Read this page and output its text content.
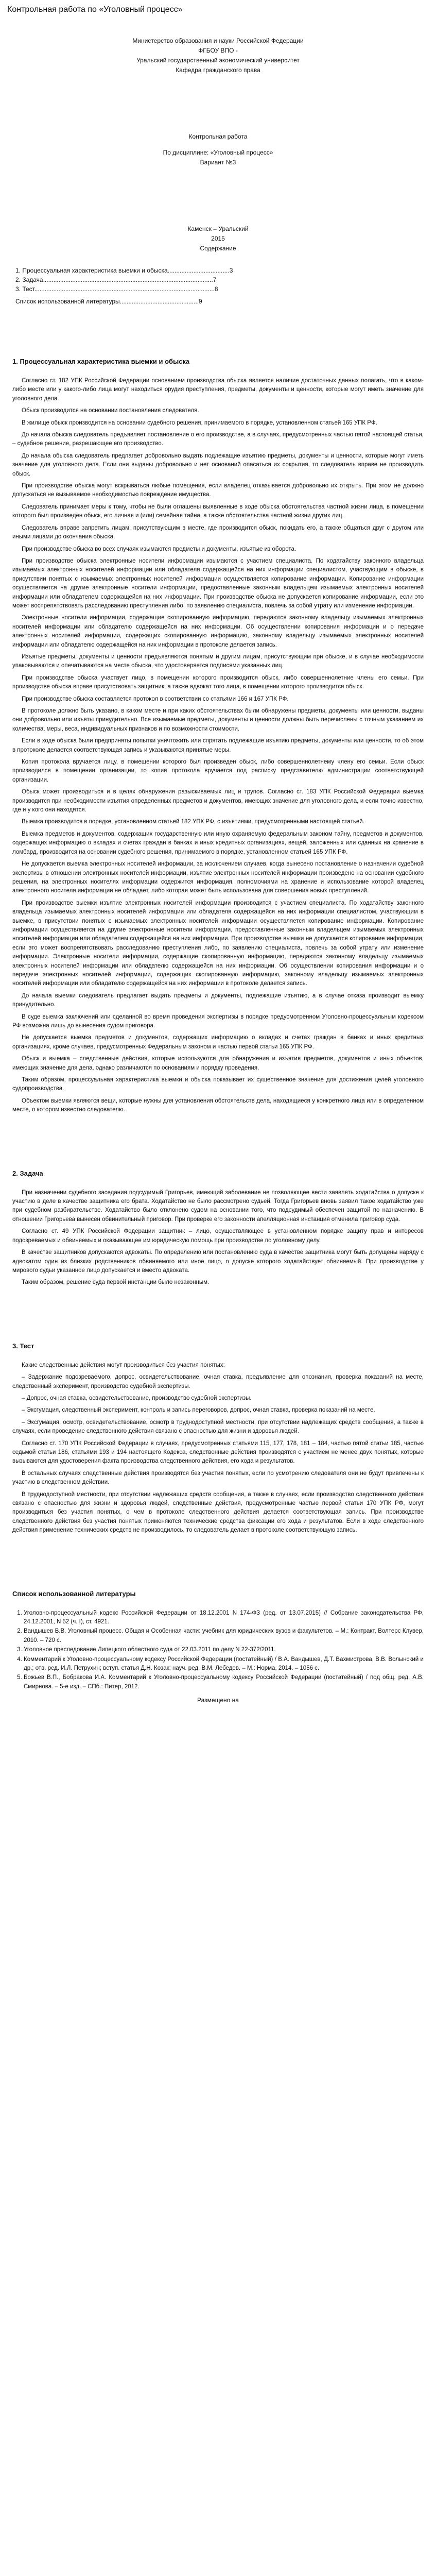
Контрольная работа по «Уголовный процесс»
Министерство образования и науки Российской Федерации
ФГБОУ ВПО -
Уральский государственный экономический университет
Кафедра гражданского права
Контрольная работа
По дисциплине: «Уголовный процесс»
Вариант №3
Каменск – Уральский
2015
Содержание

1. Процессуальная характеристика выемки и обыска....................................3

2. Задача...................................................................................................7

3. Тест.........................................................................................................8

Список использованной литературы..............................................9

1. Процессуальная характеристика выемки и обыска

Согласно ст. 182 УПК Российской Федерации основанием производства обыска является наличие достаточных данных полагать, что в каком-либо месте или у какого-либо лица могут находиться орудия преступления, предметы, документы и ценности, которые могут иметь значение для уголовного дела.

Обыск производится на основании постановления следователя.

В жилище обыск производится на основании судебного решения, принимаемого в порядке, установленном статьей 165 УПК РФ.

До начала обыска следователь предъявляет постановление о его производстве, а в случаях, предусмотренных частью пятой настоящей статьи, – судебное решение, разрешающее его производство.

До начала обыска следователь предлагает добровольно выдать подлежащие изъятию предметы, документы и ценности, которые могут иметь значение для уголовного дела. Если они выданы добровольно и нет оснований опасаться их сокрытия, то следователь вправе не производить обыск.

При производстве обыска могут вскрываться любые помещения, если владелец отказывается добровольно их открыть. При этом не должно допускаться не вызываемое необходимостью повреждение имущества.

Следователь принимает меры к тому, чтобы не были оглашены выявленные в ходе обыска обстоятельства частной жизни лица, в помещении которого был произведен обыск, его личная и (или) семейная тайна, а также обстоятельства частной жизни других лиц.

Следователь вправе запретить лицам, присутствующим в месте, где производится обыск, покидать его, а также общаться друг с другом или иными лицами до окончания обыска.

При производстве обыска во всех случаях изымаются предметы и документы, изъятые из оборота.

При производстве обыска электронные носители информации изымаются с участием специалиста. По ходатайству законного владельца изымаемых электронных носителей информации или обладателя содержащейся на них информации специалистом, участвующим в обыске, в присутствии понятых с изымаемых электронных носителей информации осуществляется копирование информации. Копирование информации осуществляется на другие электронные носители информации, предоставленные законным владельцем изымаемых электронных носителей информации или обладателем содержащейся на них информации. При производстве обыска не допускается копирование информации, если это может воспрепятствовать расследованию преступления либо, по заявлению специалиста, повлечь за собой утрату или изменение информации.

Электронные носители информации, содержащие скопированную информацию, передаются законному владельцу изымаемых электронных носителей информации или обладателю содержащейся на них информации. Об осуществлении копирования информации и о передаче электронных носителей информации, содержащих скопированную информацию, законному владельцу изымаемых электронных носителей информации или обладателю содержащейся на них информации в протоколе делается запись.

Изъятые предметы, документы и ценности предъявляются понятым и другим лицам, присутствующим при обыске, и в случае необходимости упаковываются и опечатываются на месте обыска, что удостоверяется подписями указанных лиц.

При производстве обыска участвует лицо, в помещении которого производится обыск, либо совершеннолетние члены его семьи. При производстве обыска вправе присутствовать защитник, а также адвокат того лица, в помещении которого производится обыск.

При производстве обыска составляется протокол в соответствии со статьями 166 и 167 УПК РФ.

В протоколе должно быть указано, в каком месте и при каких обстоятельствах были обнаружены предметы, документы или ценности, выданы они добровольно или изъяты принудительно. Все изымаемые предметы, документы и ценности должны быть перечислены с точным указанием их количества, меры, веса, индивидуальных признаков и по возможности стоимости.

Если в ходе обыска были предприняты попытки уничтожить или спрятать подлежащие изъятию предметы, документы или ценности, то об этом в протоколе делается соответствующая запись и указываются принятые меры.

Копия протокола вручается лицу, в помещении которого был произведен обыск, либо совершеннолетнему члену его семьи. Если обыск производился в помещении организации, то копия протокола вручается под расписку представителю администрации соответствующей организации.

Обыск может производиться и в целях обнаружения разыскиваемых лиц и трупов. Согласно ст. 183 УПК Российской Федерации выемка производится при необходимости изъятия определенных предметов и документов, имеющих значение для уголовного дела, и если точно известно, где и у кого они находятся.

Выемка производится в порядке, установленном статьей 182 УПК РФ, с изъятиями, предусмотренными настоящей статьей.

Выемка предметов и документов, содержащих государственную или иную охраняемую федеральным законом тайну, предметов и документов, содержащих информацию о вкладах и счетах граждан в банках и иных кредитных организациях, вещей, заложенных или сданных на хранение в ломбард, производится на основании судебного решения, принимаемого в порядке, установленном статьей 165 УПК РФ.

Не допускается выемка электронных носителей информации, за исключением случаев, когда вынесено постановление о назначении судебной экспертизы в отношении электронных носителей информации, изъятие электронных носителей информации произведено на основании судебного решения, на электронных носителях информации содержится информация, полномочиями на хранение и использование которой владелец электронного носителя информации не обладает, либо которая может быть использована для совершения новых преступлений.

При производстве выемки изъятие электронных носителей информации производится с участием специалиста. По ходатайству законного владельца изымаемых электронных носителей информации или обладателя содержащейся на них информации специалистом, участвующим в выемке, в присутствии понятых с изымаемых электронных носителей информации осуществляется копирование информации. Копирование информации осуществляется на другие электронные носители информации, предоставленные законным владельцем изымаемых электронных носителей информации или обладателем содержащейся на них информации. При производстве выемки не допускается копирование информации, если это может воспрепятствовать расследованию преступления либо, по заявлению специалиста, повлечь за собой утрату или изменение информации. Электронные носители информации, содержащие скопированную информацию, передаются законному владельцу изымаемых электронных носителей информации или обладателю содержащейся на них информации. Об осуществлении копирования информации и о передаче электронных носителей информации, содержащих скопированную информацию, законному владельцу изымаемых электронных носителей информации или обладателю содержащейся на них информации в протоколе делается запись.

До начала выемки следователь предлагает выдать предметы и документы, подлежащие изъятию, а в случае отказа производит выемку принудительно.

В суде выемка заключений или сделанной во время проведения экспертизы в порядке предусмотренном Уголовно-процессуальным кодексом РФ возможна лишь до вынесения судом приговора.

Не допускается выемка предметов и документов, содержащих информацию о вкладах и счетах граждан в банках и иных кредитных организациях, кроме случаев, предусмотренных Федеральным законом и частью первой статьи 165 УПК РФ.

Обыск и выемка – следственные действия, которые используются для обнаружения и изъятия предметов, документов и иных объектов, имеющих значение для дела, однако различаются по основаниям и порядку проведения.

Таким образом, процессуальная характеристика выемки и обыска показывает их существенное значение для достижения целей уголовного судопроизводства.

Объектом выемки являются вещи, которые нужны для установления обстоятельств дела, находящиеся у конкретного лица или в определенном месте, о котором известно следователю.

2. Задача

При назначении судебного заседания подсудимый Григорьев, имеющий заболевание не позволяющее вести заявлять ходатайства о допуске к участию в деле в качестве защитника его брата. Ходатайство не было рассмотрено судьей. Тогда Григорьев вновь заявил такое ходатайство уже при судебном разбирательстве. Ходатайство было отклонено судом на основании того, что подсудимый обеспечен защитой по назначению. В отношении Григорьева вынесен обвинительный приговор. При проверке его законности апелляционная инстанция отменила приговор суда.

Согласно ст. 49 УПК Российской Федерации защитник – лицо, осуществляющее в установленном порядке защиту прав и интересов подозреваемых и обвиняемых и оказывающее им юридическую помощь при производстве по уголовному делу.

В качестве защитников допускаются адвокаты. По определению или постановлению суда в качестве защитника могут быть допущены наряду с адвокатом один из близких родственников обвиняемого или иное лицо, о допуске которого ходатайствует обвиняемый. При производстве у мирового судьи указанное лицо допускается и вместо адвоката.

Таким образом, решение суда первой инстанции было незаконным.

3. Тест

Какие следственные действия могут производиться без участия понятых:

– Задержание подозреваемого, допрос, освидетельствование, очная ставка, предъявление для опознания, проверка показаний на месте, следственный эксперимент, производство судебной экспертизы.

– Допрос, очная ставка, освидетельствование, производство судебной экспертизы.

– Эксгумация, следственный эксперимент, контроль и запись переговоров, допрос, очная ставка, проверка показаний на месте.

– Эксгумация, осмотр, освидетельствование, осмотр в труднодоступной местности, при отсутствии надлежащих средств сообщения, а также в случаях, если проведение следственного действия связано с опасностью для жизни и здоровья людей.

Согласно ст. 170 УПК Российской Федерации в случаях, предусмотренных статьями 115, 177, 178, 181 – 184, частью пятой статьи 185, частью седьмой статьи 186, статьями 193 и 194 настоящего Кодекса, следственные действия производятся с участием не менее двух понятых, которые вызываются для удостоверения факта производства следственного действия, его хода и результатов.

В остальных случаях следственные действия производятся без участия понятых, если по усмотрению следователя они не будут привлечены к участию в следственном действии.

В труднодоступной местности, при отсутствии надлежащих средств сообщения, а также в случаях, если производство следственного действия связано с опасностью для жизни и здоровья людей, следственные действия, предусмотренные частью первой статьи 170 УПК РФ, могут производиться без участия понятых, о чем в протоколе следственного действия делается соответствующая запись. При производстве следственного действия без участия понятых применяются технические средства фиксации его хода и результатов. Если в ходе следственного действия применение технических средств не производилось, то следователь делает в протоколе соответствующую запись.

Список использованной литературы
1. Уголовно-процессуальный кодекс Российской Федерации от 18.12.2001 N 174-ФЗ (ред. от 13.07.2015) // Собрание законодательства РФ, 24.12.2001, N 52 (ч. I), ст. 4921.
2. Вандышев В.В. Уголовный процесс. Общая и Особенная части: учебник для юридических вузов и факультетов. – М.: Контракт, Волтерс Клувер, 2010. – 720 с.
3. Уголовное преследование Липецкого областного суда от 22.03.2011 по делу N 22-372/2011.
4. Комментарий к Уголовно-процессуальному кодексу Российской Федерации (постатейный) / В.А. Вандышев, Д.Т. Вахмистрова, В.В. Волынский и др.; отв. ред. И.Л. Петрухин; вступ. статья Д.Н. Козак; науч. ред. В.М. Лебедев. – М.: Норма, 2014. – 1056 с.
5. Божьев В.П., Бобракова И.А. Комментарий к Уголовно-процессуальному кодексу Российской Федерации (постатейный) / под общ. ред. А.В. Смирнова. – 5-е изд. – СПб.: Питер, 2012.
Размещено на
